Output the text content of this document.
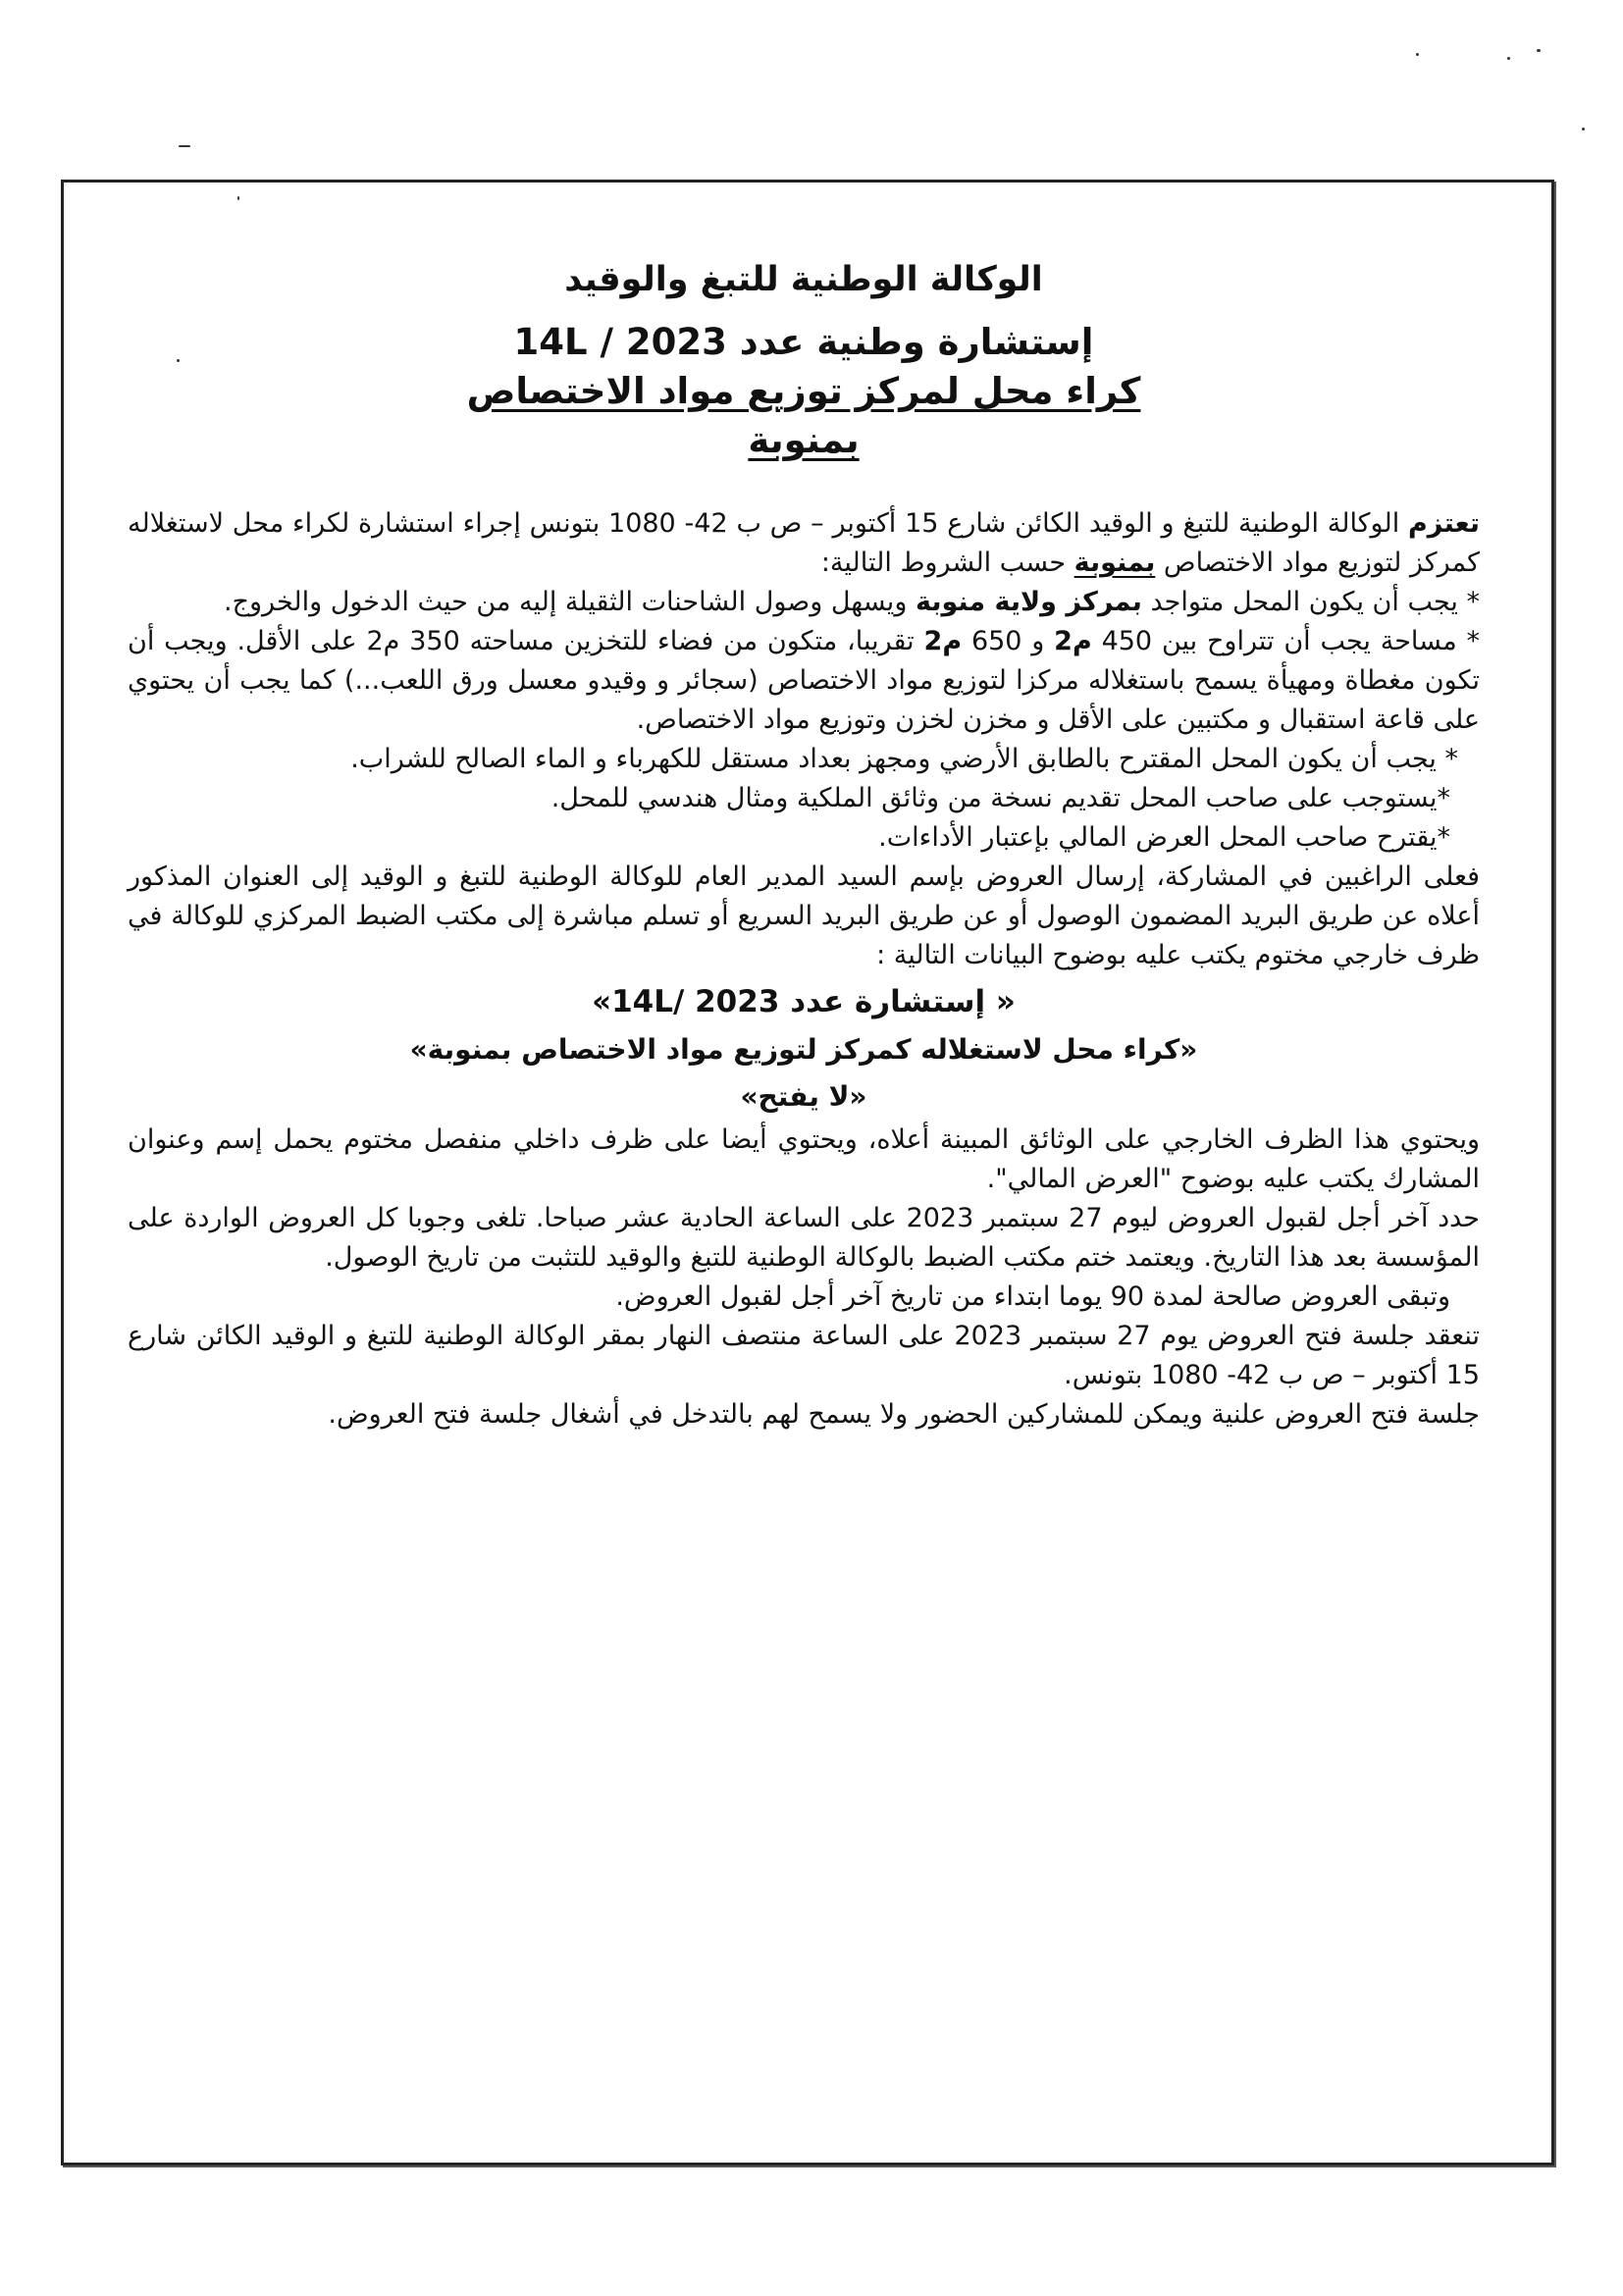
الوكالة الوطنية للتبغ والوقيد

إستشارة وطنية عدد 14L / 2023

كراء محل لمركز توزيع مواد الاختصاص

بمنوبة

تعتزم الوكالة الوطنية للتبغ و الوقيد الكائن شارع 15 أكتوبر – ص ب 42- 1080 بتونس إجراء استشارة لكراء محل لاستغلاله كمركز لتوزيع مواد الاختصاص بمنوبة حسب الشروط التالية:

* يجب أن يكون المحل متواجد بمركز ولاية منوبة ويسهل وصول الشاحنات الثقيلة إليه من حيث الدخول والخروج.

* مساحة يجب أن تتراوح بين 450 م2 و 650 م2 تقريبا، متكون من فضاء للتخزين مساحته 350 م2 على الأقل. ويجب أن تكون مغطاة ومهيأة يسمح باستغلاله مركزا لتوزيع مواد الاختصاص (سجائر و وقيدو معسل ورق اللعب...) كما يجب أن يحتوي على قاعة استقبال و مكتبين على الأقل و مخزن لخزن وتوزيع مواد الاختصاص.

* يجب أن يكون المحل المقترح بالطابق الأرضي ومجهز بعداد مستقل للكهرباء و الماء الصالح للشراب.

*يستوجب على صاحب المحل تقديم نسخة من وثائق الملكية ومثال هندسي للمحل.

*يقترح صاحب المحل العرض المالي بإعتبار الأداءات.

فعلى الراغبين في المشاركة، إرسال العروض بإسم السيد المدير العام للوكالة الوطنية للتبغ و الوقيد إلى العنوان المذكور أعلاه عن طريق البريد المضمون الوصول أو عن طريق البريد السريع أو تسلم مباشرة إلى مكتب الضبط المركزي للوكالة في ظرف خارجي مختوم يكتب عليه بوضوح البيانات التالية :

« إستشارة عدد 14L/ 2023»

«كراء محل لاستغلاله كمركز لتوزيع مواد الاختصاص بمنوبة»

«لا يفتح»

ويحتوي هذا الظرف الخارجي على الوثائق المبينة أعلاه، ويحتوي أيضا على ظرف داخلي منفصل مختوم يحمل إسم وعنوان المشارك يكتب عليه بوضوح "العرض المالي".

حدد آخر أجل لقبول العروض ليوم 27 سبتمبر 2023 على الساعة الحادية عشر صباحا. تلغى وجوبا كل العروض الواردة على المؤسسة بعد هذا التاريخ. ويعتمد ختم مكتب الضبط بالوكالة الوطنية للتبغ والوقيد للتثبت من تاريخ الوصول.

وتبقى العروض صالحة لمدة 90 يوما ابتداء من تاريخ آخر أجل لقبول العروض.

تنعقد جلسة فتح العروض يوم 27 سبتمبر 2023 على الساعة منتصف النهار بمقر الوكالة الوطنية للتبغ و الوقيد الكائن شارع 15 أكتوبر – ص ب 42- 1080 بتونس.

جلسة فتح العروض علنية ويمكن للمشاركين الحضور ولا يسمح لهم بالتدخل في أشغال جلسة فتح العروض.
